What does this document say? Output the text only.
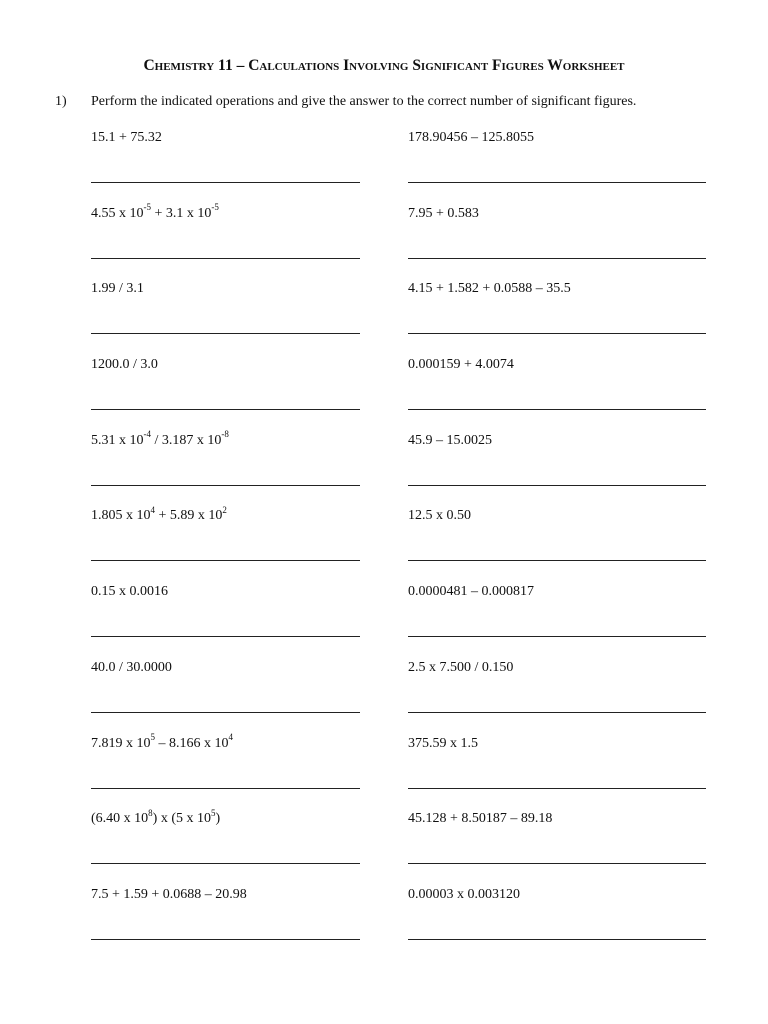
Chemistry 11 – Calculations Involving Significant Figures Worksheet
1) Perform the indicated operations and give the answer to the correct number of significant figures.
15.1 + 75.32
4.55 x $10^{-5} + 3.1$ x $10^{-5}$
1.99 / 3.1
1200.0 / 3.0
5.31 x $10^{-4} / 3.187$ x $10^{-8}$
1.805 x $10^4 + 5.89$ x $10^2$
0.15 x 0.0016
40.0 / 30.0000
7.819 x $10^5 - 8.166$ x $10^4$
(6.40 x $10^8$) x (5 x $10^5$)
7.5 + 1.59 + 0.0688 – 20.98
178.90456 – 125.8055
7.95 + 0.583
4.15 + 1.582 + 0.0588 – 35.5
0.000159 + 4.0074
45.9 – 15.0025
12.5 x 0.50
0.0000481 – 0.000817
2.5 x 7.500 / 0.150
375.59 x 1.5
45.128 + 8.50187 – 89.18
0.00003 x 0.003120
